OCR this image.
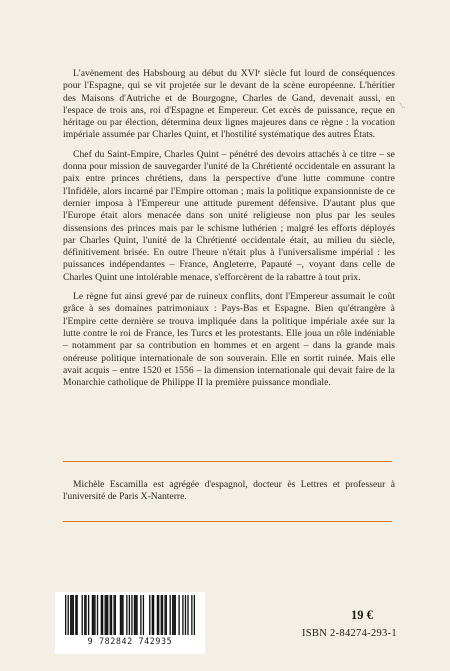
L'avènement des Habsbourg au début du XVIᵉ siècle fut lourd de conséquences pour l'Espagne, qui se vit projetée sur le devant de la scène européenne. L'héritier des Maisons d'Autriche et de Bourgogne, Charles de Gand, devenait aussi, en l'espace de trois ans, roi d'Espagne et Empereur. Cet excès de puissance, reçue en héritage ou par élection, détermina deux lignes majeures dans ce règne : la vocation impériale assumée par Charles Quint, et l'hostilité systématique des autres États.

Chef du Saint-Empire, Charles Quint – pénétré des devoirs attachés à ce titre – se donna pour mission de sauvegarder l'unité de la Chrétienté occidentale en assurant la paix entre princes chrétiens, dans la perspective d'une lutte commune contre l'Infidèle, alors incarné par l'Empire ottoman ; mais la politique expansionniste de ce dernier imposa à l'Empereur une attitude purement défensive. D'autant plus que l'Europe était alors menacée dans son unité religieuse non plus par les seules dissensions des princes mais par le schisme luthérien ; malgré les efforts déployés par Charles Quint, l'unité de la Chrétienté occidentale était, au milieu du siècle, définitivement brisée. En outre l'heure n'était plus à l'universalisme impérial : les puissances indépendantes – France, Angleterre, Papauté –, voyant dans celle de Charles Quint une intolérable menace, s'efforcèrent de la rabattre à tout prix.

Le règne fut ainsi grevé par de ruineux conflits, dont l'Empereur assumait le coût grâce à ses domaines patrimoniaux : Pays-Bas et Espagne. Bien qu'étrangère à l'Empire cette dernière se trouva impliquée dans la politique impériale axée sur la lutte contre le roi de France, les Turcs et les protestants. Elle joua un rôle indéniable – notamment par sa contribution en hommes et en argent – dans la grande mais onéreuse politique internationale de son souverain. Elle en sortit ruinée. Mais elle avait acquis – entre 1520 et 1556 – la dimension internationale qui devait faire de la Monarchie catholique de Philippe II la première puissance mondiale.

\.

Michèle Escamilla est agrégée d'espagnol, docteur ès Lettres et professeur à l'université de Paris X-Nanterre.

9 782842 742935
19 €
ISBN 2-84274-293-1
